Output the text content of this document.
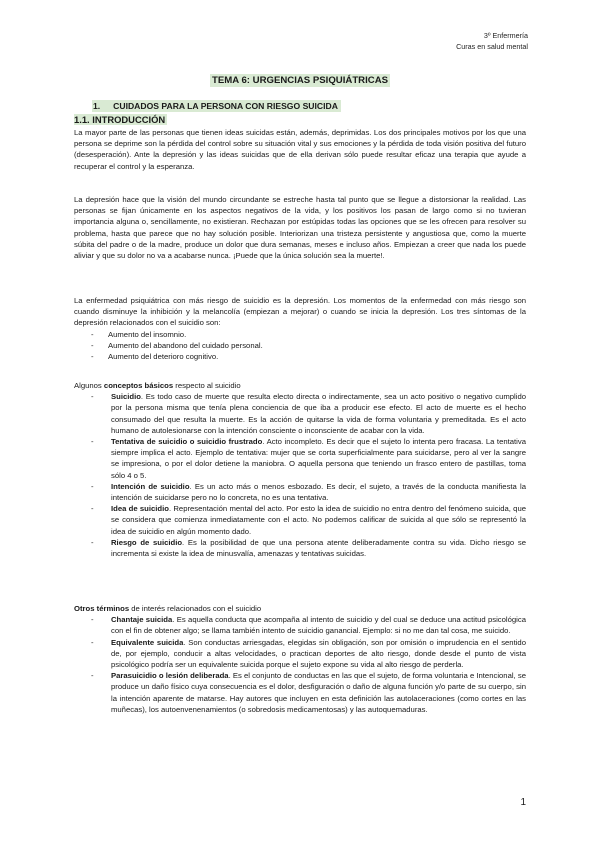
3º Enfermería
Curas en salud mental
TEMA 6: URGENCIAS PSIQUIÁTRICAS
1. CUIDADOS PARA LA PERSONA CON RIESGO SUICIDA
1.1. INTRODUCCIÓN

La mayor parte de las personas que tienen ideas suicidas están, además, deprimidas. Los dos principales motivos por los que una persona se deprime son la pérdida del control sobre su situación vital y sus emociones y la pérdida de toda visión positiva del futuro (desesperación). Ante la depresión y las ideas suicidas que de ella derivan sólo puede resultar eficaz una terapia que ayude a recuperar el control y la esperanza.

La depresión hace que la visión del mundo circundante se estreche hasta tal punto que se llegue a distorsionar la realidad. Las personas se fijan únicamente en los aspectos negativos de la vida, y los positivos los pasan de largo como si no tuvieran importancia alguna o, sencillamente, no existieran. Rechazan por estúpidas todas las opciones que se les ofrecen para resolver su problema, hasta que parece que no hay solución posible. Interiorizan una tristeza persistente y angustiosa que, como la muerte súbita del padre o de la madre, produce un dolor que dura semanas, meses e incluso años. Empiezan a creer que nada los puede aliviar y que su dolor no va a acabarse nunca. ¡Puede que la única solución sea la muerte!.

La enfermedad psiquiátrica con más riesgo de suicidio es la depresión. Los momentos de la enfermedad con más riesgo son cuando disminuye la inhibición y la melancolía (empiezan a mejorar) o cuando se inicia la depresión. Los tres síntomas de la depresión relacionados con el suicidio son:

- Aumento del insomnio.
- Aumento del abandono del cuidado personal.
- Aumento del deterioro cognitivo.

Algunos conceptos básicos respecto al suicidio

- Suicidio. Es todo caso de muerte que resulta electo directa o indirectamente, sea un acto positivo o negativo cumplido por la persona misma que tenía plena conciencia de que iba a producir ese efecto. El acto de muerte es el hecho consumado del que resulta la muerte. Es la acción de quitarse la vida de forma voluntaria y premeditada. Es el acto humano de autolesionarse con la intención consciente o inconsciente de acabar con la vida.
- Tentativa de suicidio o suicidio frustrado. Acto incompleto. Es decir que el sujeto lo intenta pero fracasa. La tentativa siempre implica el acto. Ejemplo de tentativa: mujer que se corta superficialmente para suicidarse, pero al ver la sangre se impresiona, o por el dolor detiene la maniobra. O aquella persona que teniendo un frasco entero de pastillas, toma sólo 4 o 5.
- Intención de suicidio. Es un acto más o menos esbozado. Es decir, el sujeto, a través de la conducta manifiesta la intención de suicidarse pero no lo concreta, no es una tentativa.
- Idea de suicidio. Representación mental del acto. Por esto la idea de suicidio no entra dentro del fenómeno suicida, que se considera que comienza inmediatamente con el acto. No podemos calificar de suicida al que sólo se representó la idea de suicidio en algún momento dado.
- Riesgo de suicidio. Es la posibilidad de que una persona atente deliberadamente contra su vida. Dicho riesgo se incrementa si existe la idea de minusvalía, amenazas y tentativas suicidas.

Otros términos de interés relacionados con el suicidio

- Chantaje suicida. Es aquella conducta que acompaña al intento de suicidio y del cual se deduce una actitud psicológica con el fin de obtener algo; se llama también intento de suicidio ganancial. Ejemplo: si no me dan tal cosa, me suicido.
- Equivalente suicida. Son conductas arriesgadas, elegidas sin obligación, son por omisión o imprudencia en el sentido de, por ejemplo, conducir a altas velocidades, o practican deportes de alto riesgo, donde desde el punto de vista psicológico podría ser un equivalente suicida porque el sujeto expone su vida al alto riesgo de perderla.
- Parasuicidio o lesión deliberada. Es el conjunto de conductas en las que el sujeto, de forma voluntaria e Intencional, se produce un daño físico cuya consecuencia es el dolor, desfiguración o daño de alguna función y/o parte de su cuerpo, sin la intención aparente de matarse. Hay autores que incluyen en esta definición las autolaceraciones (como cortes en las muñecas), los autoenvenenamientos (o sobredosis medicamentosas) y las autoquemaduras.
1
